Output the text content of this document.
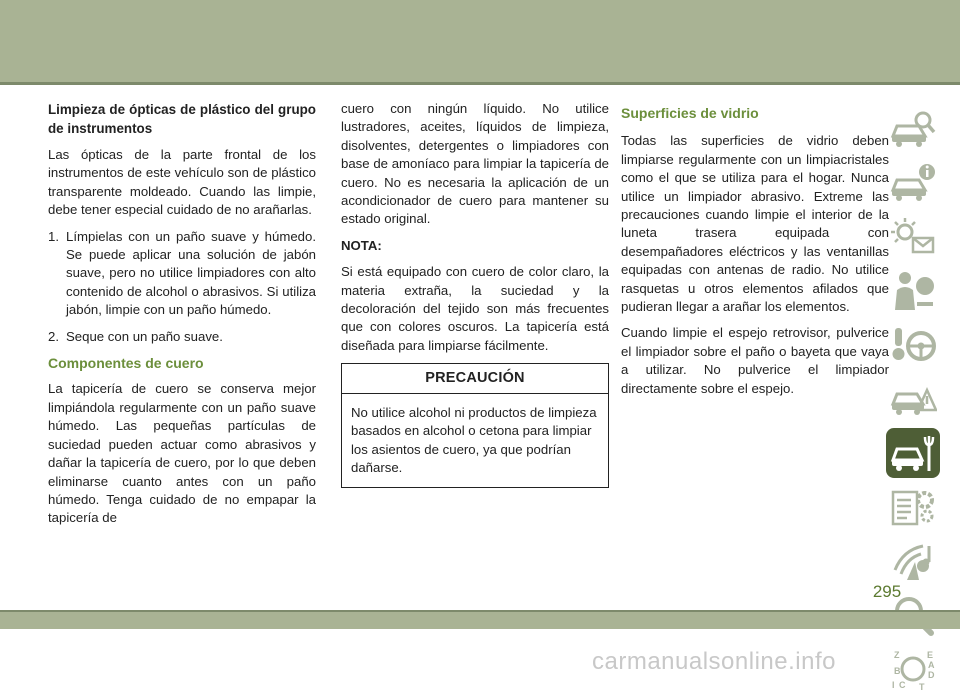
Limpieza de ópticas de plástico del grupo de instrumentos

Las ópticas de la parte frontal de los instrumentos de este vehículo son de plástico transparente moldeado. Cuando las limpie, debe tener especial cuidado de no arañarlas.

1. Límpielas con un paño suave y húmedo. Se puede aplicar una solución de jabón suave, pero no utilice limpiadores con alto contenido de alcohol o abrasivos. Si utiliza jabón, limpie con un paño húmedo.
2. Seque con un paño suave.

Componentes de cuero

La tapicería de cuero se conserva mejor limpiándola regularmente con un paño suave húmedo. Las pequeñas partículas de suciedad pueden actuar como abrasivos y dañar la tapicería de cuero, por lo que deben eliminarse cuanto antes con un paño húmedo. Tenga cuidado de no empapar la tapicería de

cuero con ningún líquido. No utilice lustradores, aceites, líquidos de limpieza, disolventes, detergentes o limpiadores con base de amoníaco para limpiar la tapicería de cuero. No es necesaria la aplicación de un acondicionador de cuero para mantener su estado original.

NOTA:

Si está equipado con cuero de color claro, la materia extraña, la suciedad y la decoloración del tejido son más frecuentes que con colores oscuros. La tapicería está diseñada para limpiarse fácilmente.

PRECAUCIÓN
No utilice alcohol ni productos de limpieza basados en alcohol o cetona para limpiar los asientos de cuero, ya que podrían dañarse.

Superficies de vidrio

Todas las superficies de vidrio deben limpiarse regularmente con un limpiacristales como el que se utiliza para el hogar. Nunca utilice un limpiador abrasivo. Extreme las precauciones cuando limpie el interior de la luneta trasera equipada con desempañadores eléctricos y las ventanillas equipadas con antenas de radio. No utilice rasquetas u otros elementos afilados que pudieran llegar a arañar los elementos.

Cuando limpie el espejo retrovisor, pulverice el limpiador sobre el paño o bayeta que vaya a utilizar. No pulverice el limpiador directamente sobre el espejo.

Z
B
C
E
I	T
D
A
295
carmanualsonline.info
